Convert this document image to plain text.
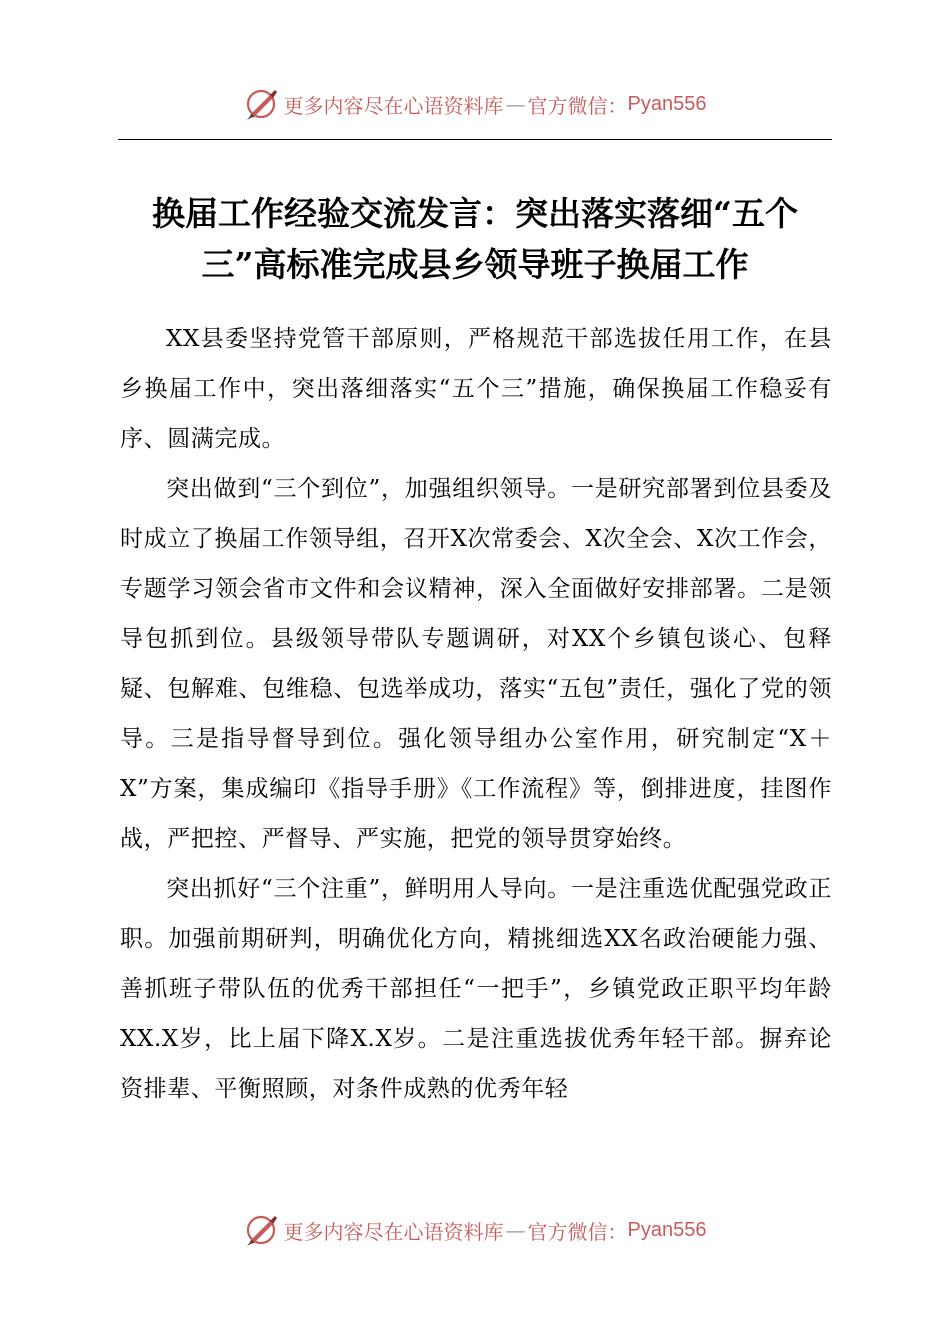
更多内容尽在心语资料库 — 官方微信： Pyan556
换届工作经验交流发言：突出落实落细“五个
三”高标准完成县乡领导班子换届工作

XX县委坚持党管干部原则，严格规范干部选拔任用工作，在县乡换届工作中，突出落细落实“五个三”措施，确保换届工作稳妥有序、圆满完成。

突出做到“三个到位”，加强组织领导。一是研究部署到位县委及时成立了换届工作领导组，召开X次常委会、X次全会、X次工作会，专题学习领会省市文件和会议精神，深入全面做好安排部署。二是领导包抓到位。县级领导带队专题调研，对XX个乡镇包谈心、包释疑、包解难、包维稳、包选举成功，落实“五包”责任，强化了党的领导。三是指导督导到位。强化领导组办公室作用，研究制定“X＋X”方案，集成编印《指导手册》《工作流程》等，倒排进度，挂图作战，严把控、严督导、严实施，把党的领导贯穿始终。

突出抓好“三个注重”，鲜明用人导向。一是注重选优配强党政正职。加强前期研判，明确优化方向，精挑细选XX名政治硬能力强、善抓班子带队伍的优秀干部担任“一把手”，乡镇党政正职平均年龄XX.X岁，比上届下降X.X岁。二是注重选拔优秀年轻干部。摒弃论资排辈、平衡照顾，对条件成熟的优秀年轻

更多内容尽在心语资料库 — 官方微信： Pyan556
